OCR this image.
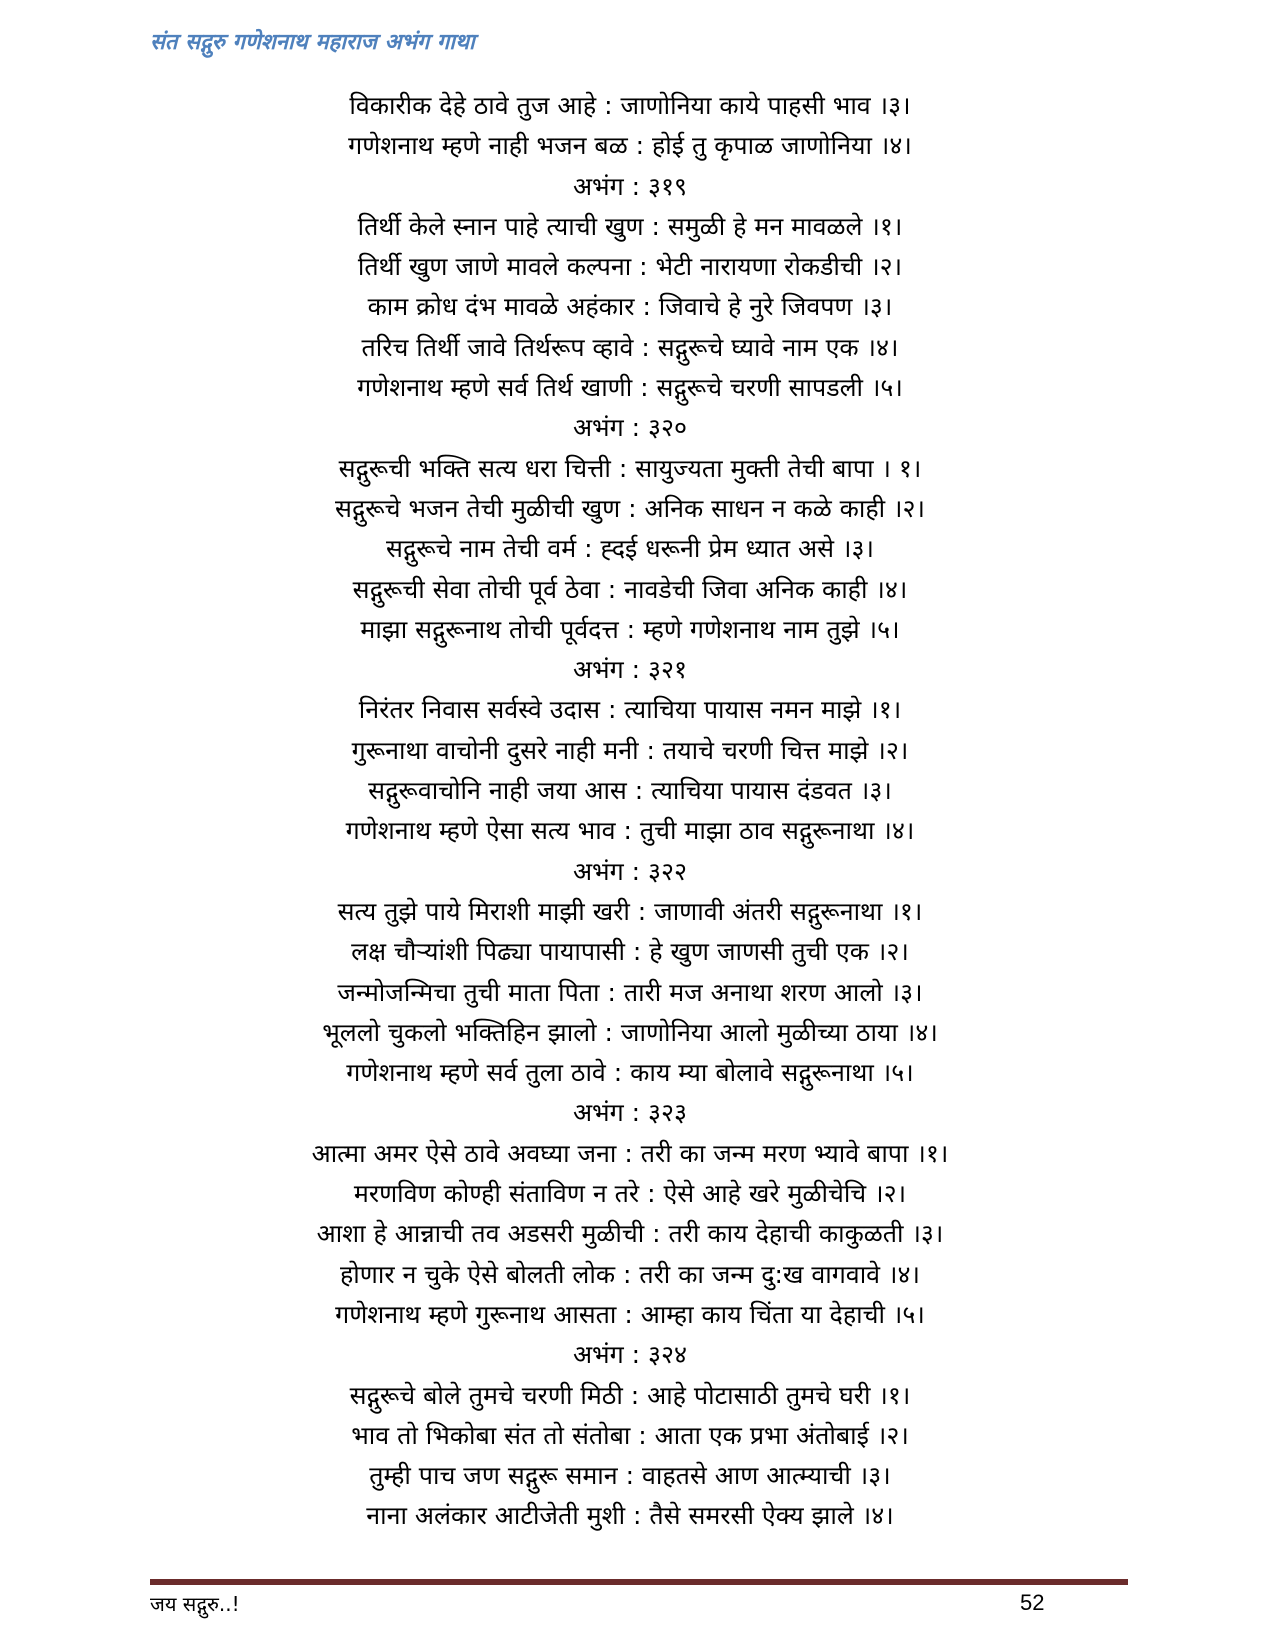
संत सद्गुरु गणेशनाथ महाराज अभंग गाथा
विकारीक देहे ठावे तुज आहे : जाणोनिया काये पाहसी भाव ।३।
गणेशनाथ म्हणे नाही भजन बळ : होई तु कृपाळ जाणोनिया ।४।
अभंग : ३१९
तिर्थी केले स्नान पाहे त्याची खुण : समुळी हे मन मावळले ।१।
तिर्थी खुण जाणे मावले कल्पना : भेटी नारायणा रोकडीची ।२।
काम क्रोध दंभ मावळे अहंकार : जिवाचे हे नुरे जिवपण ।३।
तरिच तिर्थी जावे तिर्थरूप व्हावे : सद्गुरूचे घ्यावे नाम एक ।४।
गणेशनाथ म्हणे सर्व तिर्थ खाणी : सद्गुरूचे चरणी सापडली ।५।
अभंग : ३२०
सद्गुरूची भक्ति सत्य धरा चित्ती : सायुज्यता मुक्ती तेची बापा । १।
सद्गुरूचे भजन तेची मुळीची खुण : अनिक साधन न कळे काही ।२।
सद्गुरूचे नाम तेची वर्म : ह्दई धरूनी प्रेम ध्यात असे ।३।
सद्गुरूची सेवा तोची पूर्व ठेवा : नावडेची जिवा अनिक काही ।४।
माझा सद्गुरूनाथ तोची पूर्वदत्त : म्हणे गणेशनाथ नाम तुझे ।५।
अभंग : ३२१
निरंतर निवास सर्वस्वे उदास : त्याचिया पायास नमन माझे ।१।
गुरूनाथा वाचोनी दुसरे नाही मनी : तयाचे चरणी चित्त माझे ।२।
सद्गुरूवाचोनि नाही जया आस : त्याचिया पायास दंडवत ।३।
गणेशनाथ म्हणे ऐसा सत्य भाव : तुची माझा ठाव सद्गुरूनाथा ।४।
अभंग : ३२२
सत्य तुझे पाये मिराशी माझी खरी : जाणावी अंतरी सद्गुरूनाथा ।१।
लक्ष चौऱ्यांशी पिढ्या पायापासी : हे खुण जाणसी तुची एक ।२।
जन्मोजन्मिचा तुची माता पिता : तारी मज अनाथा शरण आलो ।३।
भूललो चुकलो भक्तिहिन झालो : जाणोनिया आलो मुळीच्या ठाया ।४।
गणेशनाथ म्हणे सर्व तुला ठावे : काय म्या बोलावे सद्गुरूनाथा ।५।
अभंग : ३२३
आत्मा अमर ऐसे ठावे अवघ्या जना : तरी का जन्म मरण भ्यावे बापा ।१।
मरणविण कोण्ही संताविण न तरे : ऐसे आहे खरे मुळीचेचि ।२।
आशा हे आन्नाची तव अडसरी मुळीची : तरी काय देहाची काकुळती ।३।
होणार न चुके ऐसे बोलती लोक : तरी का जन्म दु:ख वागवावे ।४।
गणेशनाथ म्हणे गुरूनाथ आसता : आम्हा काय चिंता या देहाची ।५।
अभंग : ३२४
सद्गुरूचे बोले तुमचे चरणी मिठी : आहे पोटासाठी तुमचे घरी ।१।
भाव तो भिकोबा संत तो संतोबा : आता एक प्रभा अंतोबाई ।२।
तुम्ही पाच जण सद्गुरू समान : वाहतसे आण आत्म्याची ।३।
नाना अलंकार आटीजेती मुशी : तैसे समरसी ऐक्य झाले ।४।
जय सद्गुरु..!	52
